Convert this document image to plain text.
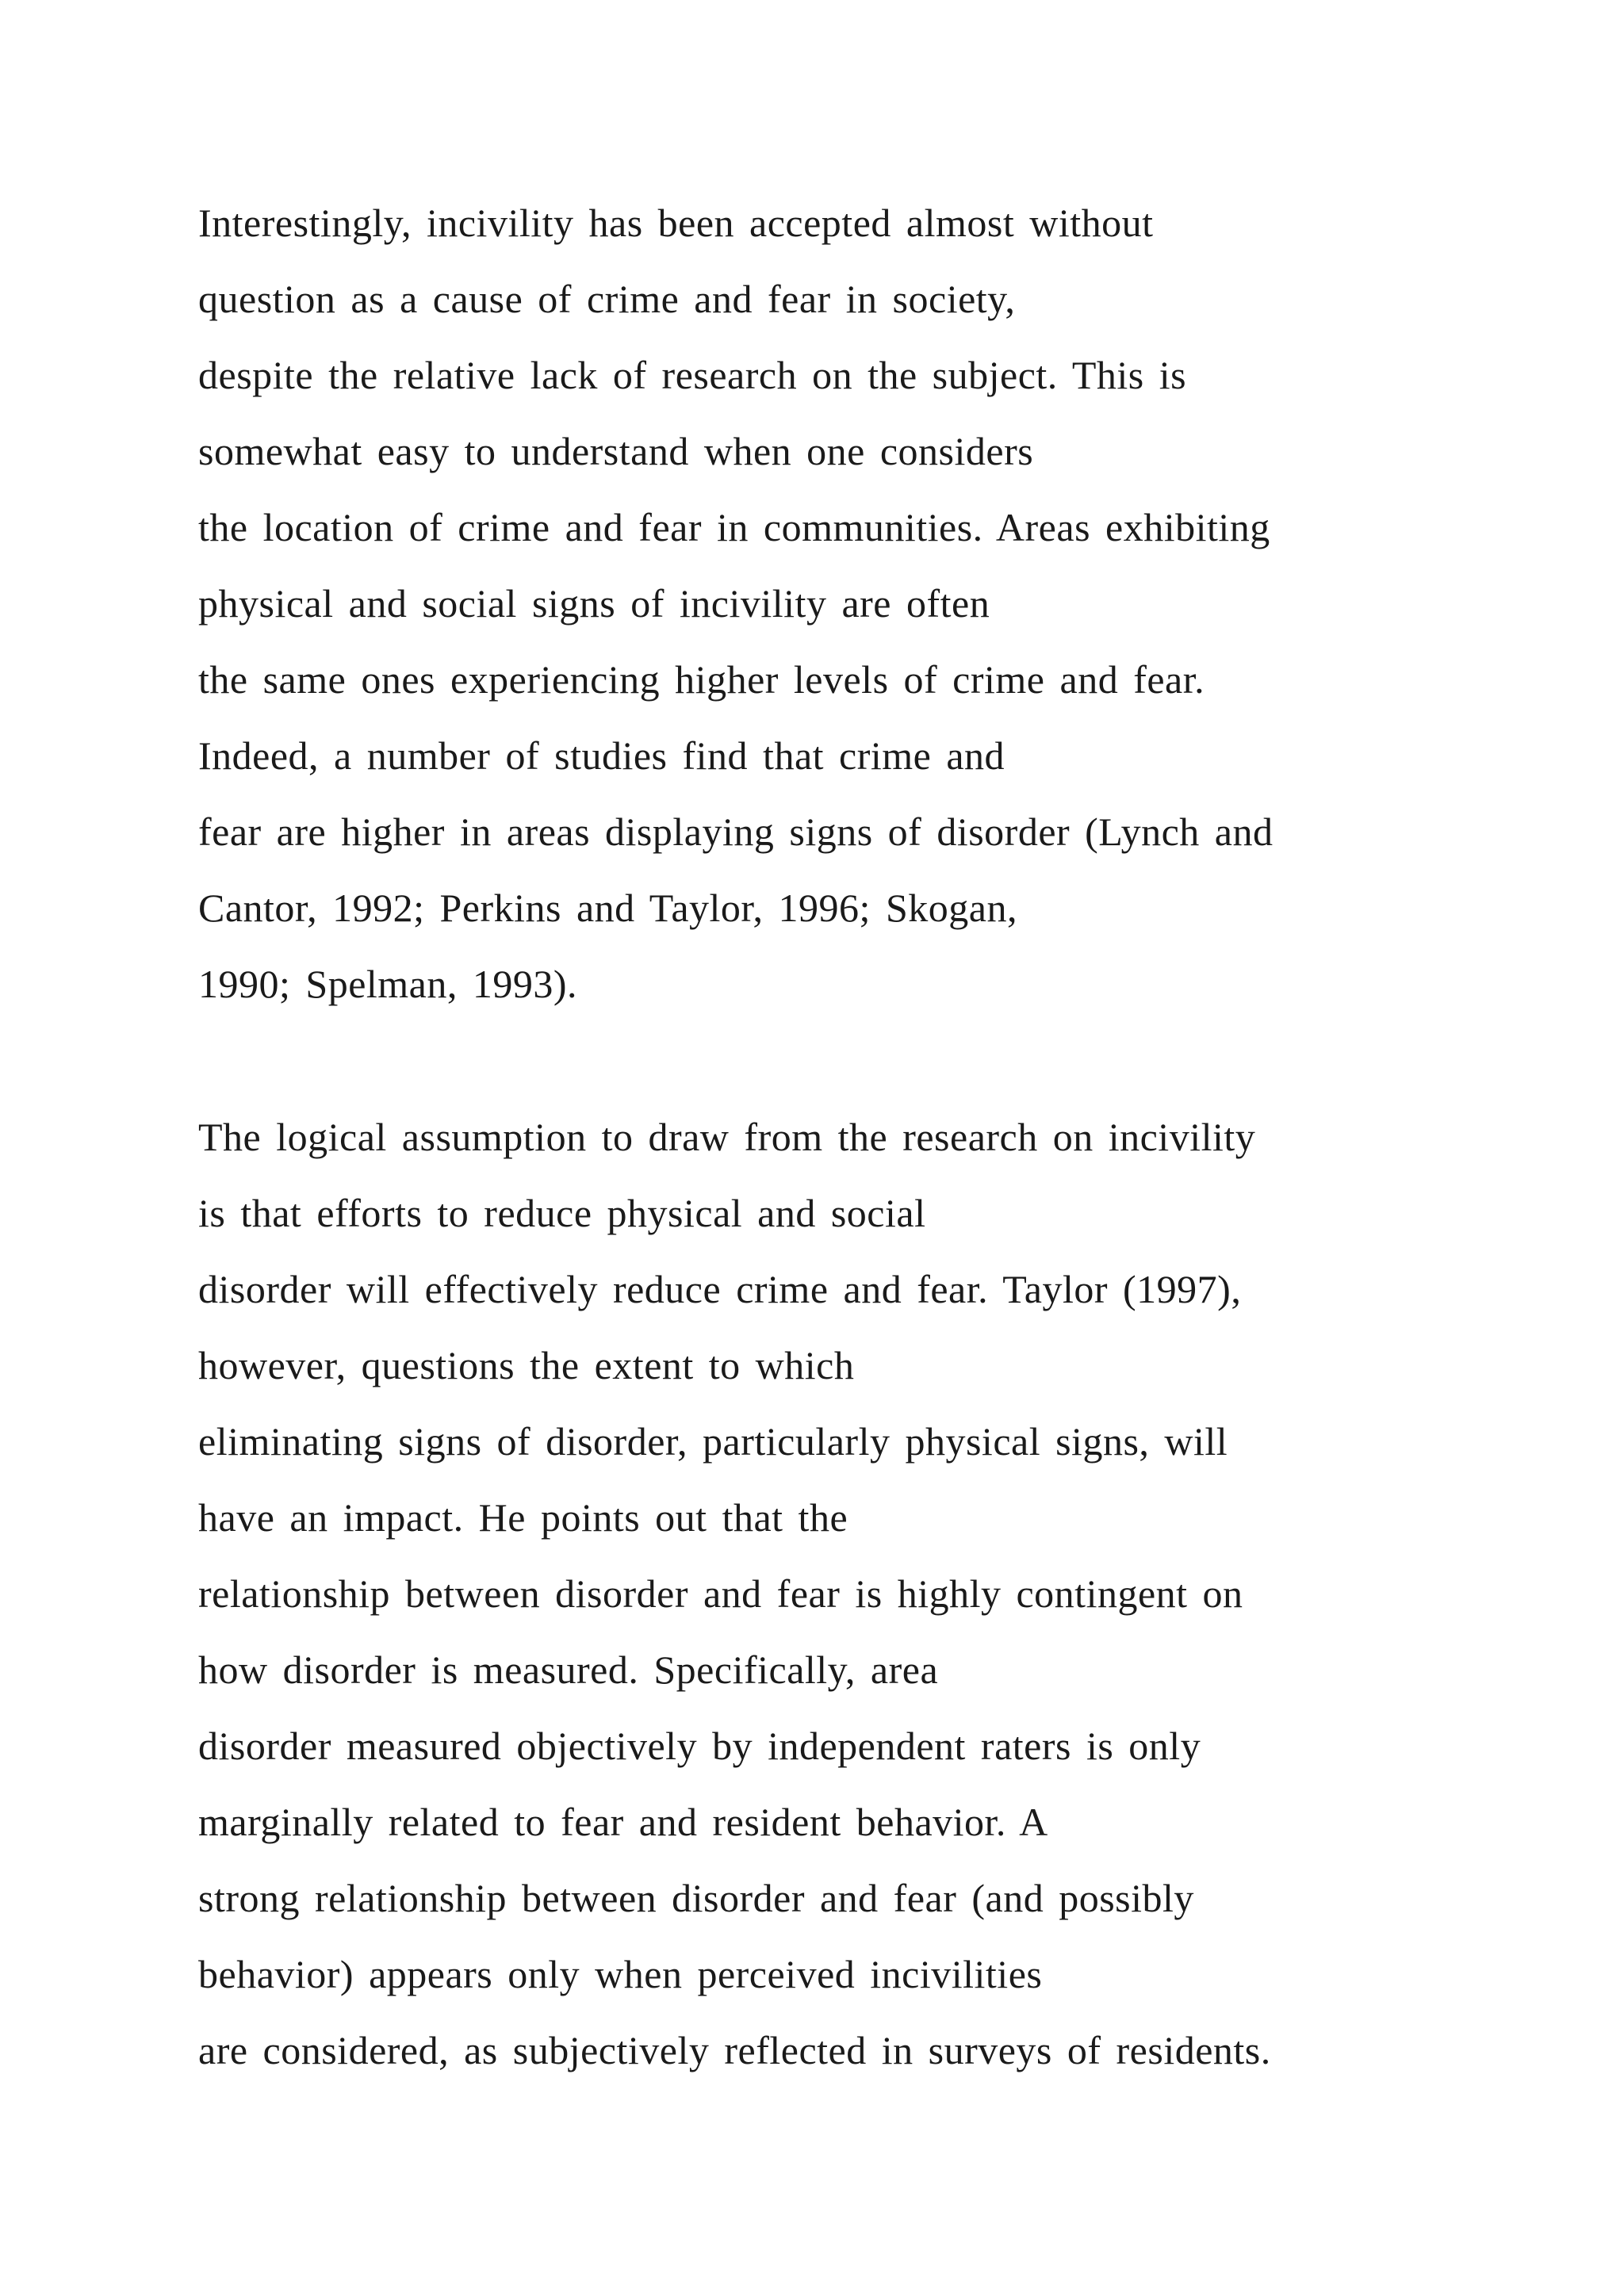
Interestingly, incivility has been accepted almost without
question as a cause of crime and fear in society,
despite the relative lack of research on the subject. This is
somewhat easy to understand when one considers
the location of crime and fear in communities. Areas exhibiting
physical and social signs of incivility are often
the same ones experiencing higher levels of crime and fear.
Indeed, a number of studies find that crime and
fear are higher in areas displaying signs of disorder (Lynch and
Cantor, 1992; Perkins and Taylor, 1996; Skogan,
1990; Spelman, 1993).
The logical assumption to draw from the research on incivility
is that efforts to reduce physical and social
disorder will effectively reduce crime and fear. Taylor (1997),
however, questions the extent to which
eliminating signs of disorder, particularly physical signs, will
have an impact. He points out that the
relationship between disorder and fear is highly contingent on
how disorder is measured. Specifically, area
disorder measured objectively by independent raters is only
marginally related to fear and resident behavior. A
strong relationship between disorder and fear (and possibly
behavior) appears only when perceived incivilities
are considered, as subjectively reflected in surveys of residents.
